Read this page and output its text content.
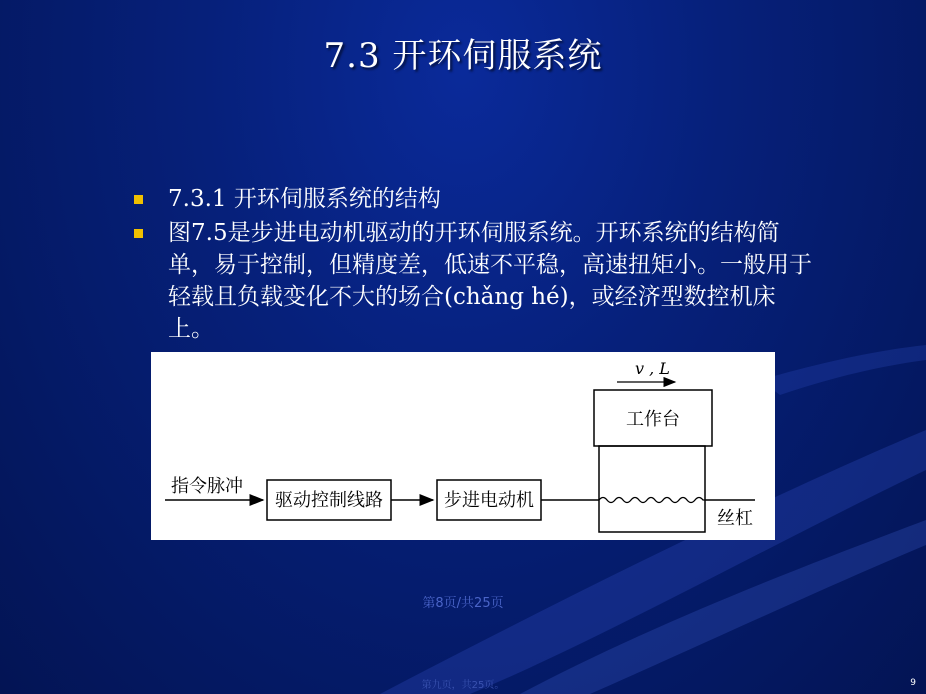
7.3 开环伺服系统
7.3.1 开环伺服系统的结构
图7.5是步进电动机驱动的开环伺服系统。开环系统的结构简单，易于控制，但精度差，低速不平稳，高速扭矩小。一般用于轻载且负载变化不大的场合(chǎng hé)，或经济型数控机床上。
指令脉冲
驱动控制线路	步进电动机
工作台
v , L
丝杠
第8页/共25页
第九页，共25页。	9
